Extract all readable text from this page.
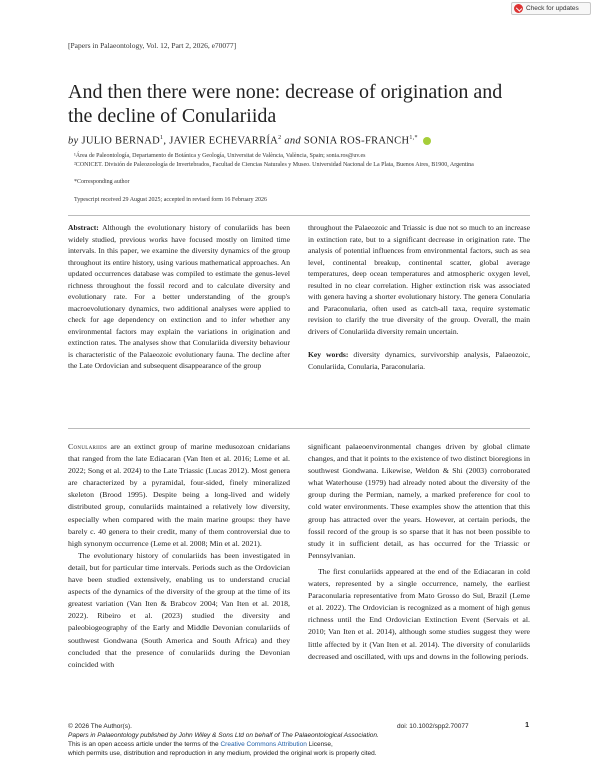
Check for updates
[Papers in Palaeontology, Vol. 12, Part 2, 2026, e70077]
And then there were none: decrease of origination and the decline of Conulariida
by JULIO BERNAD$^1$, JAVIER ECHEVARRÍA$^2$ and SONIA ROS-$FRANCH^{1,*}$
¹Área de Paleontología, Departamento de Botánica y Geología, Universitat de València, València, Spain; sonia.ros@uv.es
²CONICET. División de Paleozoología de Invertebrados, Facultad de Ciencias Naturales y Museo. Universidad Nacional de La Plata, Buenos Aires, B1900, Argentina
*Corresponding author
Typescript received 29 August 2025; accepted in revised form 16 February 2026
Abstract: Although the evolutionary history of conulariids has been widely studied, previous works have focused mostly on limited time intervals. In this paper, we examine the diversity dynamics of the group throughout its entire history, using various mathematical approaches. An updated occurrences database was compiled to estimate the genus-level richness throughout the fossil record and to calculate diversity and evolutionary rate. For a better understanding of the group's macroevolutionary dynamics, two additional analyses were applied to check for age dependency on extinction and to infer whether any environmental factors may explain the variations in origination and extinction rates. The analyses show that Conulariida diversity behaviour is characteristic of the Palaeozoic evolutionary fauna. The decline after the Late Ordovician and subsequent disappearance of the group
throughout the Palaeozoic and Triassic is due not so much to an increase in extinction rate, but to a significant decrease in origination rate. The analysis of potential influences from environmental factors, such as sea level, continental breakup, continental scatter, global average temperatures, deep ocean temperatures and atmospheric oxygen level, resulted in no clear correlation. Higher extinction risk was associated with genera having a shorter evolutionary history. The genera Conularia and Paraconularia, often used as catch-all taxa, require systematic revision to clarify the true diversity of the group. Overall, the main drivers of Conulariida diversity remain uncertain.
Key words: diversity dynamics, survivorship analysis, Palaeozoic, Conulariida, Conularia, Paraconularia.

Conulariids are an extinct group of marine medusozoan cnidarians that ranged from the late Ediacaran (Van Iten et al. 2016; Leme et al. 2022; Song et al. 2024) to the Late Triassic (Lucas 2012). Most genera are characterized by a pyramidal, four-sided, finely mineralized skeleton (Brood 1995). Despite being a long-lived and widely distributed group, conulariids maintained a relatively low diversity, especially when compared with the main marine groups: they have barely c. 40 genera to their credit, many of them controversial due to high synonym occurrence (Leme et al. 2008; Min et al. 2021).

The evolutionary history of conulariids has been investigated in detail, but for particular time intervals. Periods such as the Ordovician have been studied extensively, enabling us to understand crucial aspects of the dynamics of the diversity of the group at the time of its greatest variation (Van Iten & Brabcov 2004; Van Iten et al. 2018, 2022). Ribeiro et al. (2023) studied the diversity and paleobiogeography of the Early and Middle Devonian conulariids of southwest Gondwana (South America and South Africa) and they concluded that the presence of conulariids during the Devonian coincided with

significant palaeoenvironmental changes driven by global climate changes, and that it points to the existence of two distinct bioregions in southwest Gondwana. Likewise, Weldon & Shi (2003) corroborated what Waterhouse (1979) had already noted about the diversity of the group during the Permian, namely, a marked preference for cool to cold water environments. These examples show the attention that this group has attracted over the years. However, at certain periods, the fossil record of the group is so sparse that it has not been possible to study it in sufficient detail, as has occurred for the Triassic or Pennsylvanian.

The first conulariids appeared at the end of the Ediacaran in cold waters, represented by a single occurrence, namely, the earliest Paraconularia representative from Mato Grosso do Sul, Brazil (Leme et al. 2022). The Ordovician is recognized as a moment of high genus richness until the End Ordovician Extinction Event (Servais et al. 2010; Van Iten et al. 2014), although some studies suggest they were little affected by it (Van Iten et al. 2014). The diversity of conulariids decreased and oscillated, with ups and downs in the following periods.

© 2026 The Author(s).	doi: 10.1002/spp2.70077	1
Papers in Palaeontology published by John Wiley & Sons Ltd on behalf of The Palaeontological Association.
This is an open access article under the terms of the Creative Commons Attribution License,
which permits use, distribution and reproduction in any medium, provided the original work is properly cited.
